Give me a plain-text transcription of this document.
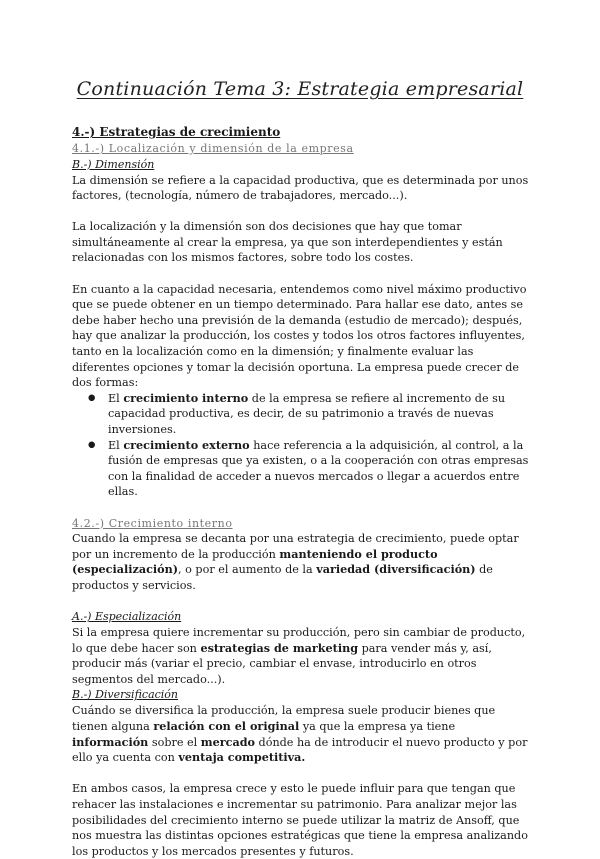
Continuación Tema 3: Estrategia empresarial

4.-) Estrategias de crecimiento

4.1.-) Localización y dimensión de la empresa

B.-) Dimensión

La dimensión se refiere a la capacidad productiva, que es determinada por unos factores, (tecnología, número de trabajadores, mercado...).

La localización y la dimensión son dos decisiones que hay que tomar simultáneamente al crear la empresa, ya que son interdependientes y están relacionadas con los mismos factores, sobre todo los costes.

En cuanto a la capacidad necesaria, entendemos como nivel máximo productivo que se puede obtener en un tiempo determinado. Para hallar ese dato, antes se debe haber hecho una previsión de la demanda (estudio de mercado); después, hay que analizar la producción, los costes y todos los otros factores influyentes, tanto en la localización como en la dimensión; y finalmente evaluar las diferentes opciones y tomar la decisión oportuna. La empresa puede crecer de dos formas:

● El crecimiento interno de la empresa se refiere al incremento de su capacidad productiva, es decir, de su patrimonio a través de nuevas inversiones.
● El crecimiento externo hace referencia a la adquisición, al control, a la fusión de empresas que ya existen, o a la cooperación con otras empresas con la finalidad de acceder a nuevos mercados o llegar a acuerdos entre ellas.

4.2.-) Crecimiento interno

Cuando la empresa se decanta por una estrategia de crecimiento, puede optar por un incremento de la producción manteniendo el producto (especialización), o por el aumento de la variedad (diversificación) de productos y servicios.

A.-) Especialización

Si la empresa quiere incrementar su producción, pero sin cambiar de producto, lo que debe hacer son estrategias de marketing para vender más y, así, producir más (variar el precio, cambiar el envase, introducirlo en otros segmentos del mercado...).

B.-) Diversificación

Cuándo se diversifica la producción, la empresa suele producir bienes que tienen alguna relación con el original ya que la empresa ya tiene información sobre el mercado dónde ha de introducir el nuevo producto y por ello ya cuenta con ventaja competitiva.

En ambos casos, la empresa crece y esto le puede influir para que tengan que rehacer las instalaciones e incrementar su patrimonio. Para analizar mejor las posibilidades del crecimiento interno se puede utilizar la matriz de Ansoff, que nos muestra las distintas opciones estratégicas que tiene la empresa analizando los productos y los mercados presentes y futuros.
